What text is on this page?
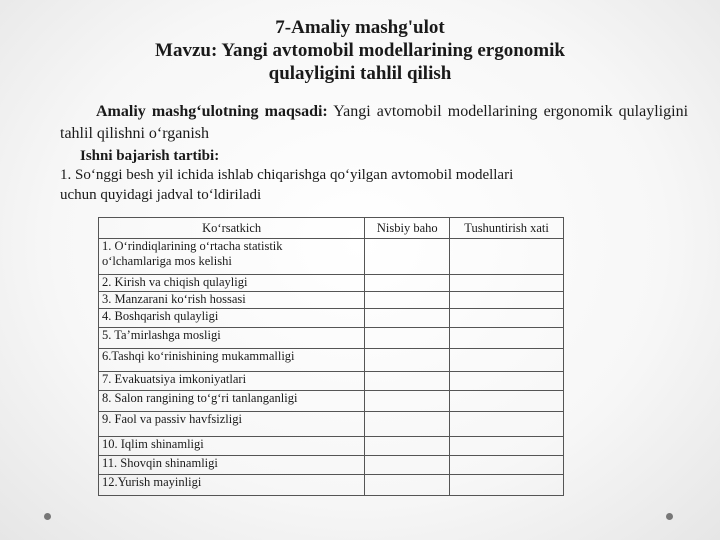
7-Amaliy mashg'ulot
Mavzu: Yangi avtomobil modellarining ergonomik
qulayligini tahlil qilish
Amaliy mashg‘ulotning maqsadi: Yangi avtomobil modellarining ergonomik qulayligini tahlil qilishni o‘rganish
Ishni bajarish tartibi:
1. So‘nggi besh yil ichida ishlab chiqarishga qo‘yilgan avtomobil modellari
uchun quyidagi jadval to‘ldiriladi
Ko‘rsatkich	Nisbiy baho	Tushuntirish xati

1. O‘rindiqlarining o‘rtacha statistik
o‘lchamlariga mos kelishi		

2. Kirish va chiqish qulayligi		

3. Manzarani ko‘rish hossasi		

4. Boshqarish qulayligi		

5. Ta’mirlashga mosligi		

6.Tashqi ko‘rinishining mukammalligi		

7. Evakuatsiya imkoniyatlari		

8. Salon rangining to‘g‘ri tanlanganligi		

9. Faol va passiv havfsizligi		

10. Iqlim shinamligi		

11. Shovqin shinamligi		

12.Yurish mayinligi		
